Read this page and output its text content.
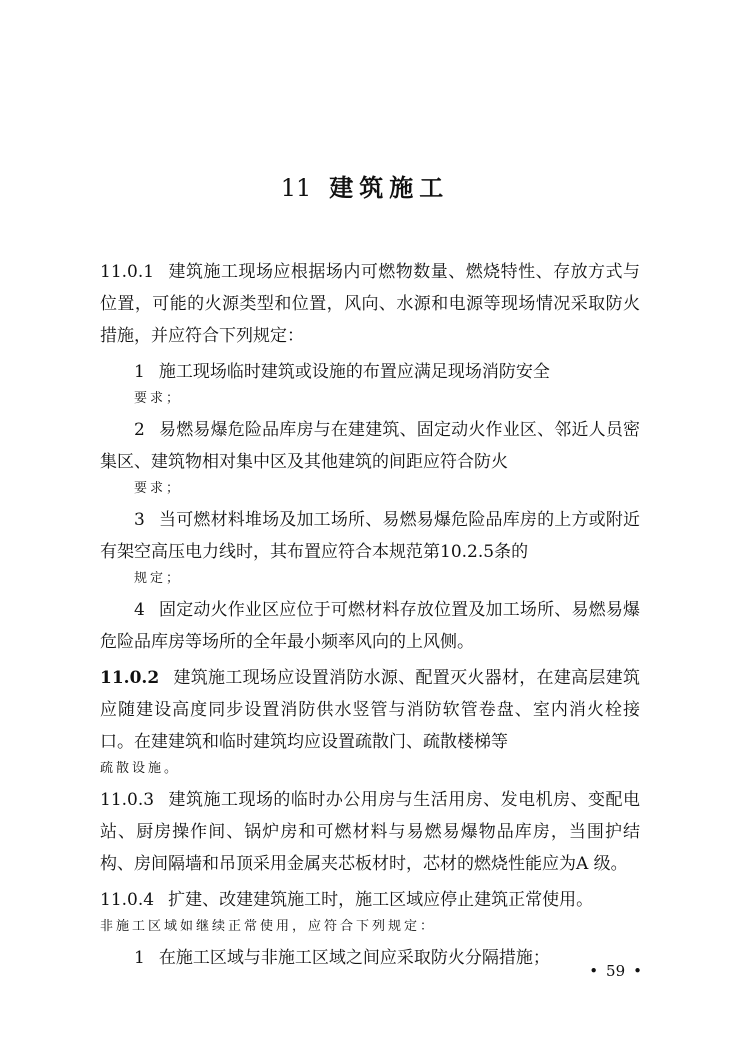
11 建筑施工

11.0.1 建筑施工现场应根据场内可燃物数量、燃烧特性、存放方式与位置，可能的火源类型和位置，风向、水源和电源等现场情况采取防火措施，并应符合下列规定：

1 施工现场临时建筑或设施的布置应满足现场消防安全
要求；

2 易燃易爆危险品库房与在建建筑、固定动火作业区、邻近人员密集区、建筑物相对集中区及其他建筑的间距应符合防火
要求；

3 当可燃材料堆场及加工场所、易燃易爆危险品库房的上方或附近有架空高压电力线时，其布置应符合本规范第10.2.5条的
规定；

4 固定动火作业区应位于可燃材料存放位置及加工场所、易燃易爆危险品库房等场所的全年最小频率风向的上风侧。

11.0.2 建筑施工现场应设置消防水源、配置灭火器材，在建高层建筑应随建设高度同步设置消防供水竖管与消防软管卷盘、室内消火栓接口。在建建筑和临时建筑均应设置疏散门、疏散楼梯等
疏散设施。

11.0.3 建筑施工现场的临时办公用房与生活用房、发电机房、变配电站、厨房操作间、锅炉房和可燃材料与易燃易爆物品库房，当围护结构、房间隔墙和吊顶采用金属夹芯板材时，芯材的燃烧性能应为A 级。

11.0.4 扩建、改建建筑施工时，施工区域应停止建筑正常使用。
非施工区域如继续正常使用，应符合下列规定：

1 在施工区域与非施工区域之间应采取防火分隔措施；

• 59 •
